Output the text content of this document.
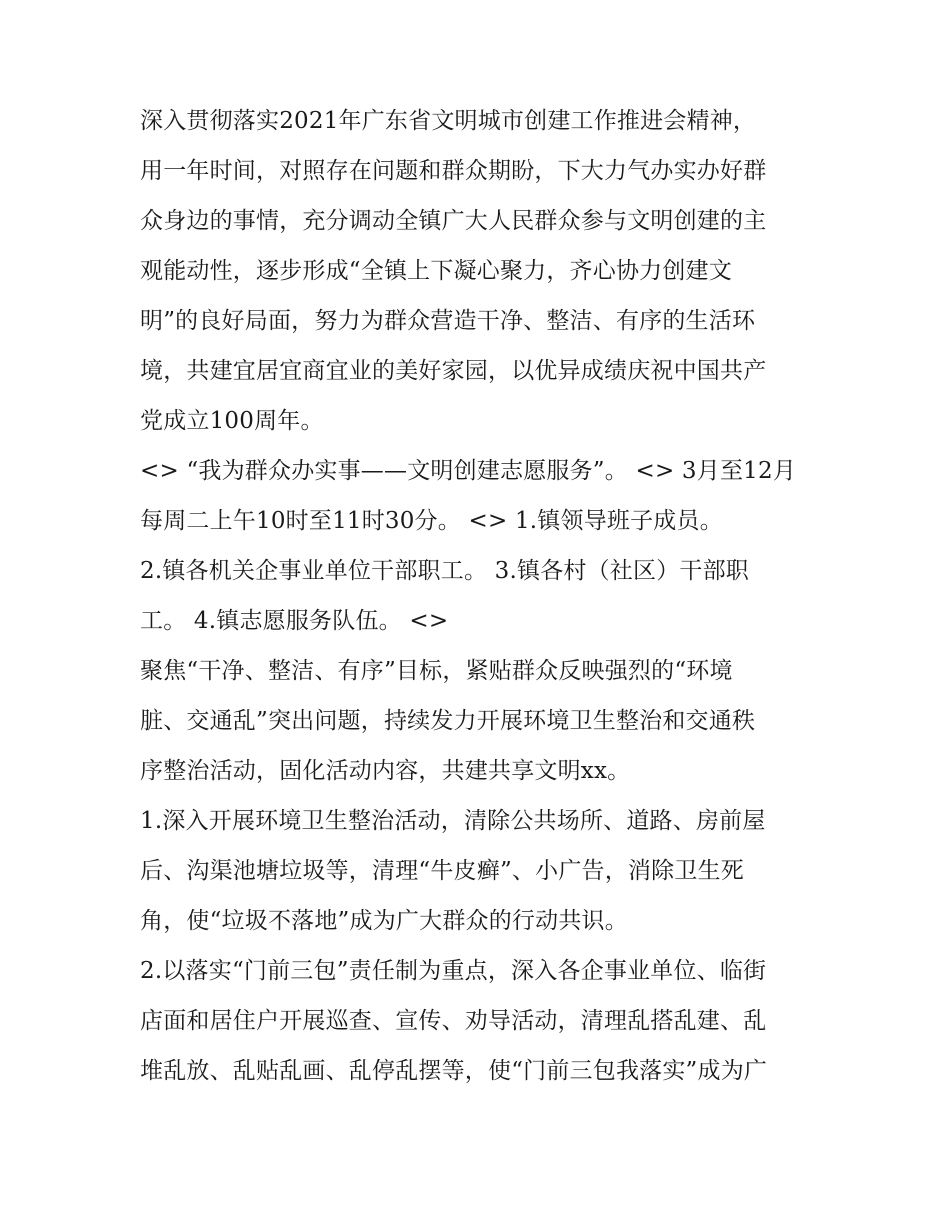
深入贯彻落实2021年广东省文明城市创建工作推进会精神，
用一年时间，对照存在问题和群众期盼，下大力气办实办好群
众身边的事情，充分调动全镇广大人民群众参与文明创建的主
观能动性，逐步形成“全镇上下凝心聚力，齐心协力创建文
明”的良好局面，努力为群众营造干净、整洁、有序的生活环
境，共建宜居宜商宜业的美好家园，以优异成绩庆祝中国共产
党成立100周年。
<> “我为群众办实事——文明创建志愿服务”。 <> 3月至12月
每周二上午10时至11时30分。 <> 1.镇领导班子成员。
2.镇各机关企事业单位干部职工。 3.镇各村（社区）干部职
工。 4.镇志愿服务队伍。 <>
聚焦“干净、整洁、有序”目标，紧贴群众反映强烈的“环境
脏、交通乱”突出问题，持续发力开展环境卫生整治和交通秩
序整治活动，固化活动内容，共建共享文明xx。
1.深入开展环境卫生整治活动，清除公共场所、道路、房前屋
后、沟渠池塘垃圾等，清理“牛皮癣”、小广告，消除卫生死
角，使“垃圾不落地”成为广大群众的行动共识。
2.以落实“门前三包”责任制为重点，深入各企事业单位、临街
店面和居住户开展巡查、宣传、劝导活动，清理乱搭乱建、乱
堆乱放、乱贴乱画、乱停乱摆等，使“门前三包我落实”成为广
